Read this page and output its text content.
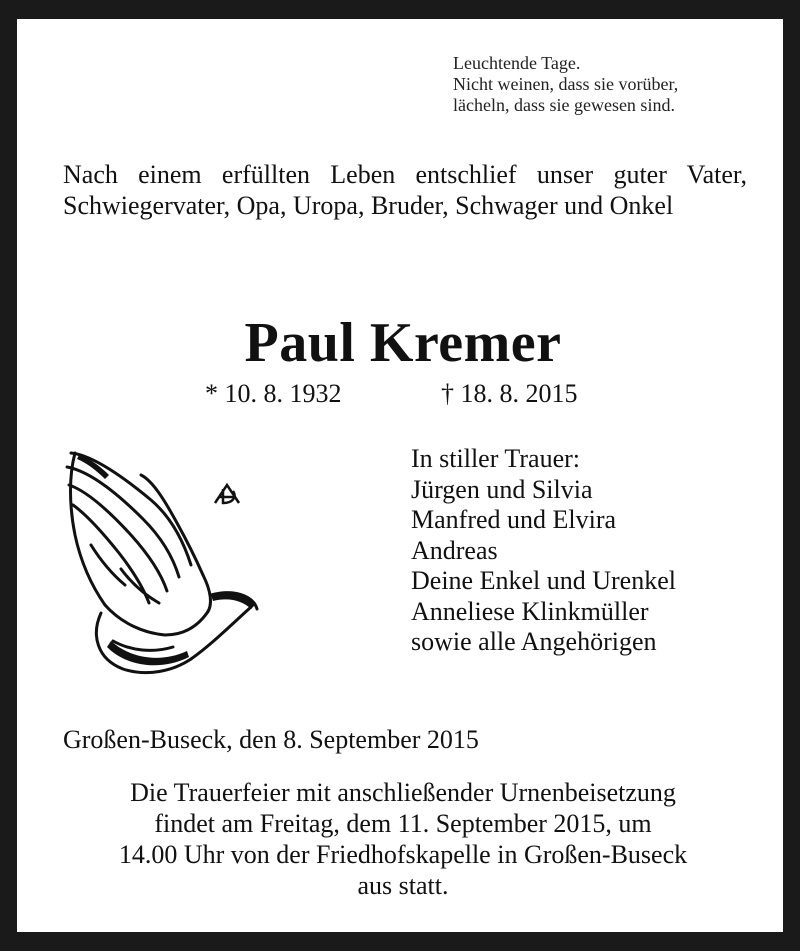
Leuchtende Tage.
Nicht weinen, dass sie vorüber,
lächeln, dass sie gewesen sind.
Nach einem erfüllten Leben entschlief unser guter Vater, Schwiegervater, Opa, Uropa, Bruder, Schwager und Onkel
Paul Kremer
* 10. 8. 1932	† 18. 8. 2015
In stiller Trauer:
Jürgen und Silvia
Manfred und Elvira
Andreas
Deine Enkel und Urenkel
Anneliese Klinkmüller
sowie alle Angehörigen
Großen-Buseck, den 8. September 2015
Die Trauerfeier mit anschließender Urnenbeisetzung
findet am Freitag, dem 11. September 2015, um
14.00 Uhr von der Friedhofskapelle in Großen-Buseck
aus statt.
